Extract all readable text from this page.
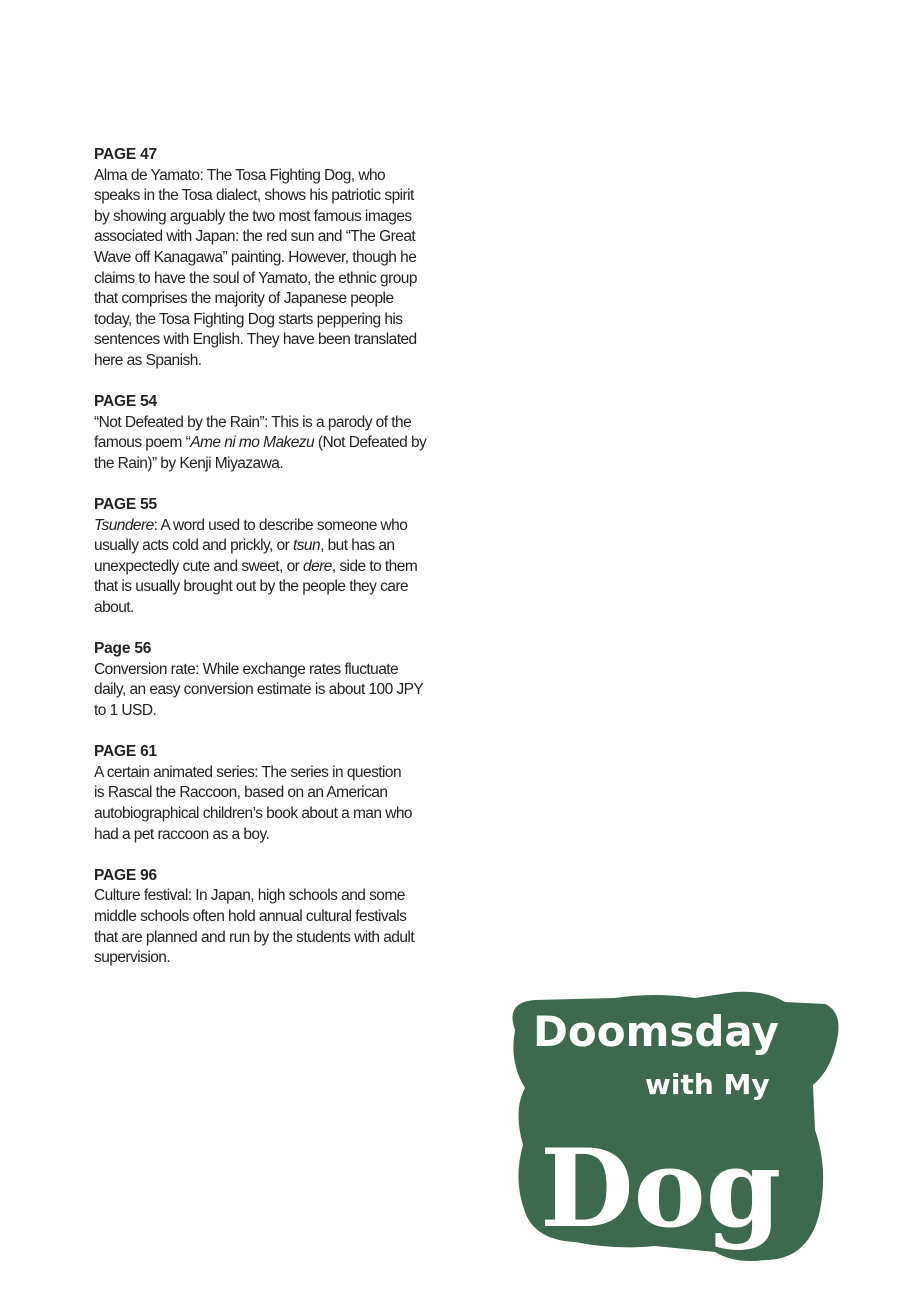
PAGE 47
Alma de Yamato: The Tosa Fighting Dog, who
speaks in the Tosa dialect, shows his patriotic spirit
by showing arguably the two most famous images
associated with Japan: the red sun and “The Great
Wave off Kanagawa” painting. However, though he
claims to have the soul of Yamato, the ethnic group
that comprises the majority of Japanese people
today, the Tosa Fighting Dog starts peppering his
sentences with English. They have been translated
here as Spanish.
PAGE 54
“Not Defeated by the Rain”: This is a parody of the
famous poem “Ame ni mo Makezu (Not Defeated by
the Rain)” by Kenji Miyazawa.
PAGE 55
Tsundere: A word used to describe someone who
usually acts cold and prickly, or tsun, but has an
unexpectedly cute and sweet, or dere, side to them
that is usually brought out by the people they care
about.
Page 56
Conversion rate: While exchange rates fluctuate
daily, an easy conversion estimate is about 100 JPY
to 1 USD.
PAGE 61
A certain animated series: The series in question
is Rascal the Raccoon, based on an American
autobiographical children’s book about a man who
had a pet raccoon as a boy.
PAGE 96
Culture festival: In Japan, high schools and some
middle schools often hold annual cultural festivals
that are planned and run by the students with adult
supervision.
Doomsday
with My
Dog
